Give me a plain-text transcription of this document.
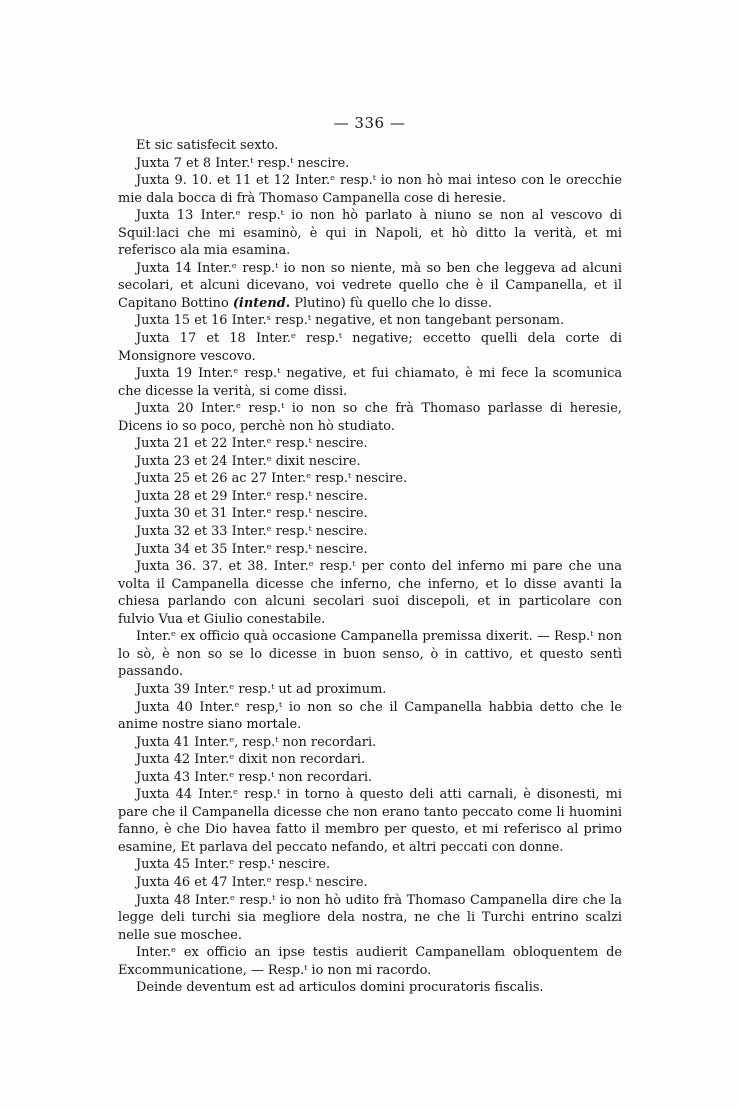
— 336 —

Et sic satisfecit sexto.

Juxta 7 et 8 Inter.ᵗ resp.ᵗ nescire.

Juxta 9. 10. et 11 et 12 Inter.ᵉ resp.ᵗ io non hò mai inteso con le orecchie mie dala bocca di frà Thomaso Campanella cose di heresie.

Juxta 13 Inter.ᵉ resp.ᵗ io non hò parlato à niuno se non al vescovo di Squilːlaci che mi esaminò, è qui in Napoli, et hò ditto la verità, et mi referisco ala mia esamina.

Juxta 14 Inter.ᵉ resp.ᵗ io non so niente, mà so ben che leggeva ad alcuni secolari, et alcuni dicevano, voi vedrete quello che è il Campanella, et il Capitano Bottino (intend. Plutino) fù quello che lo disse.

Juxta 15 et 16 Inter.ˢ resp.ᵗ negative, et non tangebant personam.

Juxta 17 et 18 Inter.ᵉ resp.ᵗ negative; eccetto quelli dela corte di Monsignore vescovo.

Juxta 19 Inter.ᵉ resp.ᵗ negative, et fui chiamato, è mi fece la scomunica che dicesse la verità, si come dissi.

Juxta 20 Inter.ᵉ resp.ᵗ io non so che frà Thomaso parlasse di heresie, Dicens io so poco, perchè non hò studiato.

Juxta 21 et 22 Inter.ᵉ resp.ᵗ nescire.

Juxta 23 et 24 Inter.ᵉ dixit nescire.

Juxta 25 et 26 ac 27 Inter.ᵉ resp.ᵗ nescire.

Juxta 28 et 29 Inter.ᵉ resp.ᵗ nescire.

Juxta 30 et 31 Inter.ᵉ resp.ᵗ nescire.

Juxta 32 et 33 Inter.ᵉ resp.ᵗ nescire.

Juxta 34 et 35 Inter.ᵉ resp.ᵗ nescire.

Juxta 36. 37. et 38. Inter.ᵉ resp.ᵗ per conto del inferno mi pare che una volta il Campanella dicesse che inferno, che inferno, et lo disse avanti la chiesa parlando con alcuni secolari suoi discepoli, et in particolare con fulvio Vua et Giulio conestabile.

Inter.ᵉ ex officio quà occasione Campanella premissa dixerit. — Resp.ᵗ non lo sò, è non so se lo dicesse in buon senso, ò in cattivo, et questo sentì passando.

Juxta 39 Inter.ᵉ resp.ᵗ ut ad proximum.

Juxta 40 Inter.ᵉ resp,ᵗ io non so che il Campanella habbia detto che le anime nostre siano mortale.

Juxta 41 Inter.ᵉ, resp.ᵗ non recordari.

Juxta 42 Inter.ᵉ dixit non recordari.

Juxta 43 Inter.ᵉ resp.ᵗ non recordari.

Juxta 44 Inter.ᵉ resp.ᵗ in torno à questo deli atti carnali, è disonesti, mi pare che il Campanella dicesse che non erano tanto peccato come li huomini fanno, è che Dio havea fatto il membro per questo, et mi referisco al primo esamine, Et parlava del peccato nefando, et altri peccati con donne.

Juxta 45 Inter.ᵉ resp.ᵗ nescire.

Juxta 46 et 47 Inter.ᵉ resp.ᵗ nescire.

Juxta 48 Inter.ᵉ resp.ᵗ io non hò udito frà Thomaso Campanella dire che la legge deli turchi sia megliore dela nostra, ne che li Turchi entrino scalzi nelle sue moschee.

Inter.ᵉ ex officio an ipse testis audierit Campanellam obloquentem de Excommunicatione, — Resp.ᵗ io non mi racordo.

Deinde deventum est ad articulos domini procuratoris fiscalis.
